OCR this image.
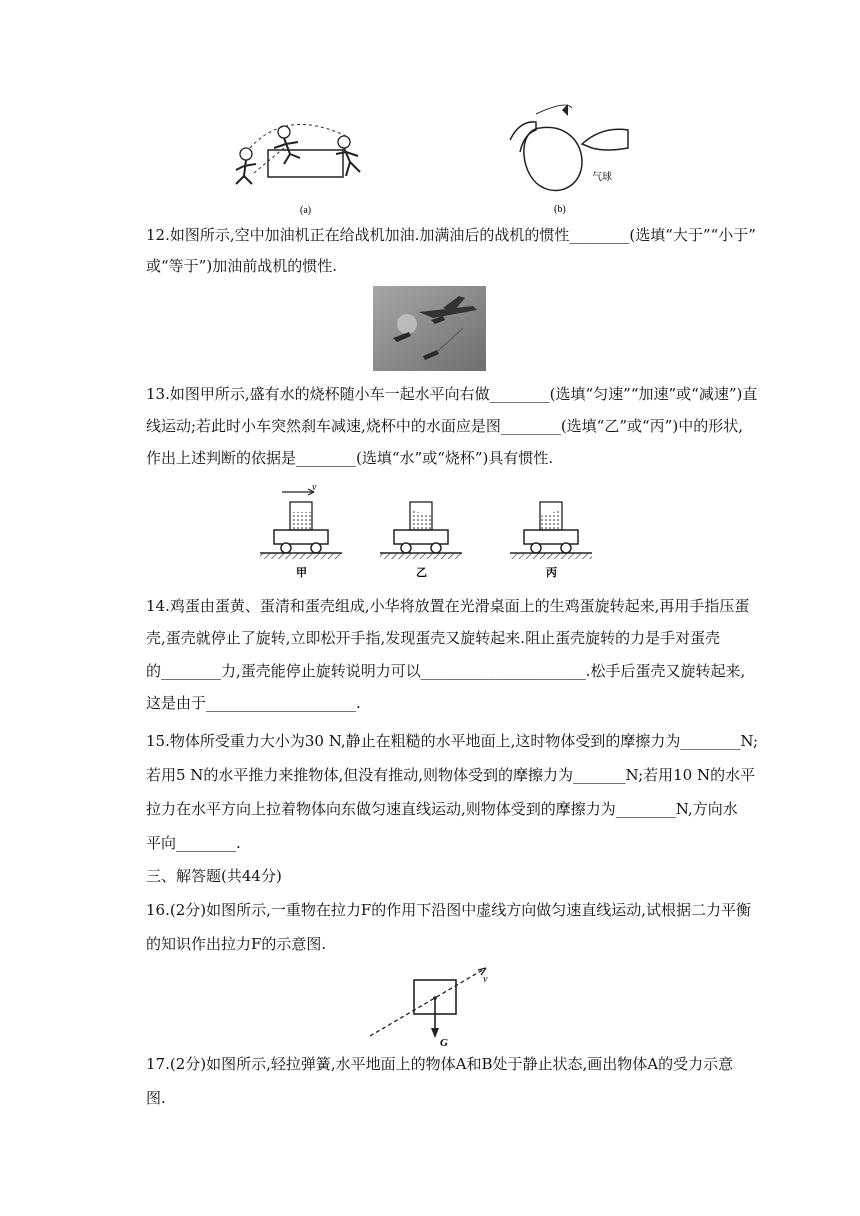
(a)
气球
(b)
12.如图所示,空中加油机正在给战机加油.加满油后的战机的惯性________(选填“大于”“小于”
或“等于”)加油前战机的惯性.
13.如图甲所示,盛有水的烧杯随小车一起水平向右做________(选填“匀速”“加速”或“减速”)直
线运动;若此时小车突然刹车减速,烧杯中的水面应是图________(选填“乙”或“丙”)中的形状,
作出上述判断的依据是________(选填“水”或“烧杯”)具有惯性.
v
甲	乙	丙
14.鸡蛋由蛋黄、蛋清和蛋壳组成,小华将放置在光滑桌面上的生鸡蛋旋转起来,再用手指压蛋
壳,蛋壳就停止了旋转,立即松开手指,发现蛋壳又旋转起来.阻止蛋壳旋转的力是手对蛋壳
的________力,蛋壳能停止旋转说明力可以______________________.松手后蛋壳又旋转起来,
这是由于____________________.
15.物体所受重力大小为30 N,静止在粗糙的水平地面上,这时物体受到的摩擦力为________N;
若用5 N的水平推力来推物体,但没有推动,则物体受到的摩擦力为_______N;若用10 N的水平
拉力在水平方向上拉着物体向东做匀速直线运动,则物体受到的摩擦力为________N,方向水
平向________.
三、解答题(共44分)
16.(2分)如图所示,一重物在拉力F的作用下沿图中虚线方向做匀速直线运动,试根据二力平衡
的知识作出拉力F的示意图.
v
G
17.(2分)如图所示,轻拉弹簧,水平地面上的物体A和B处于静止状态,画出物体A的受力示意
图.
